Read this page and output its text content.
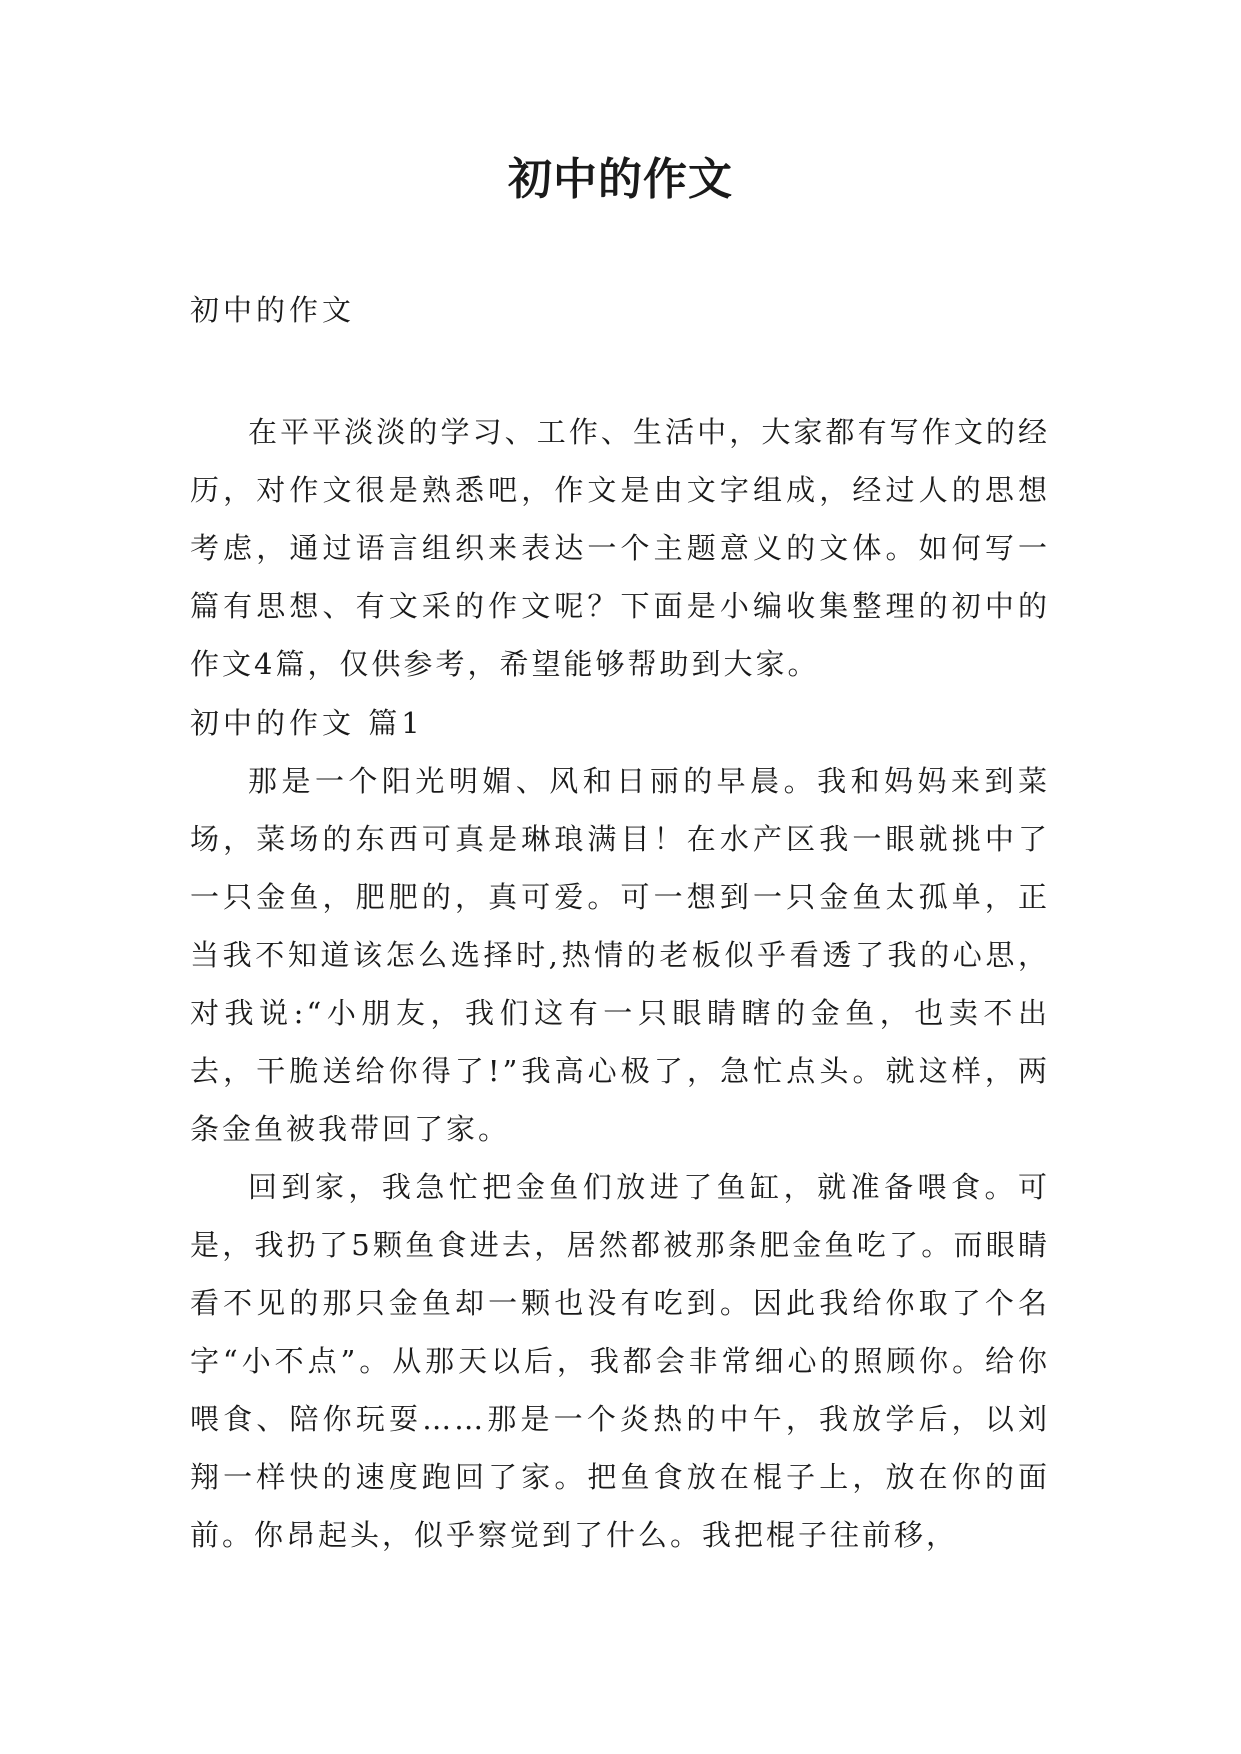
初中的作文

初中的作文

在平平淡淡的学习、工作、生活中，大家都有写作文的经历，对作文很是熟悉吧，作文是由文字组成，经过人的思想考虑，通过语言组织来表达一个主题意义的文体。如何写一篇有思想、有文采的作文呢？下面是小编收集整理的初中的作文4篇，仅供参考，希望能够帮助到大家。

初中的作文 篇1

那是一个阳光明媚、风和日丽的早晨。我和妈妈来到菜场，菜场的东西可真是琳琅满目！在水产区我一眼就挑中了一只金鱼，肥肥的，真可爱。可一想到一只金鱼太孤单，正当我不知道该怎么选择时,热情的老板似乎看透了我的心思，对我说:“小朋友，我们这有一只眼睛瞎的金鱼，也卖不出去，干脆送给你得了!”我高心极了，急忙点头。就这样，两条金鱼被我带回了家。

回到家，我急忙把金鱼们放进了鱼缸，就准备喂食。可是，我扔了5颗鱼食进去，居然都被那条肥金鱼吃了。而眼睛看不见的那只金鱼却一颗也没有吃到。因此我给你取了个名字“小不点”。从那天以后，我都会非常细心的照顾你。给你喂食、陪你玩耍……那是一个炎热的中午，我放学后，以刘翔一样快的速度跑回了家。把鱼食放在棍子上，放在你的面前。你昂起头，似乎察觉到了什么。我把棍子往前移，
